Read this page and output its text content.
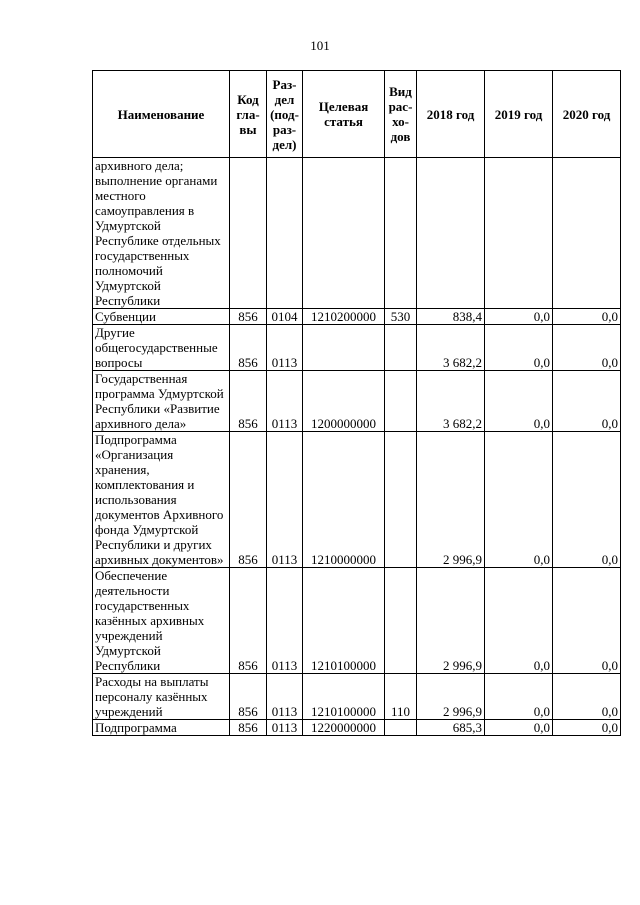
101
Наименование	Код гла-вы	Раз-дел (под-раз-дел)	Целевая статья	Вид рас-хо-дов	2018 год	2019 год	2020 год
архивного дела; выполнение органами местного самоуправления в Удмуртской Республике отдельных государственных полномочий Удмуртской Республики							
Субвенции	856	0104	1210200000	530	838,4	0,0	0,0
Другие общегосударственные вопросы	856	0113			3 682,2	0,0	0,0
Государственная программа Удмуртской Республики «Развитие архивного дела»	856	0113	1200000000		3 682,2	0,0	0,0
Подпрограмма «Организация хранения, комплектования и использования документов Архивного фонда Удмуртской Республики и других архивных документов»	856	0113	1210000000		2 996,9	0,0	0,0
Обеспечение деятельности государственных казённых архивных учреждений Удмуртской Республики	856	0113	1210100000		2 996,9	0,0	0,0
Расходы на выплаты персоналу казённых учреждений	856	0113	1210100000	110	2 996,9	0,0	0,0
Подпрограмма	856	0113	1220000000		685,3	0,0	0,0
